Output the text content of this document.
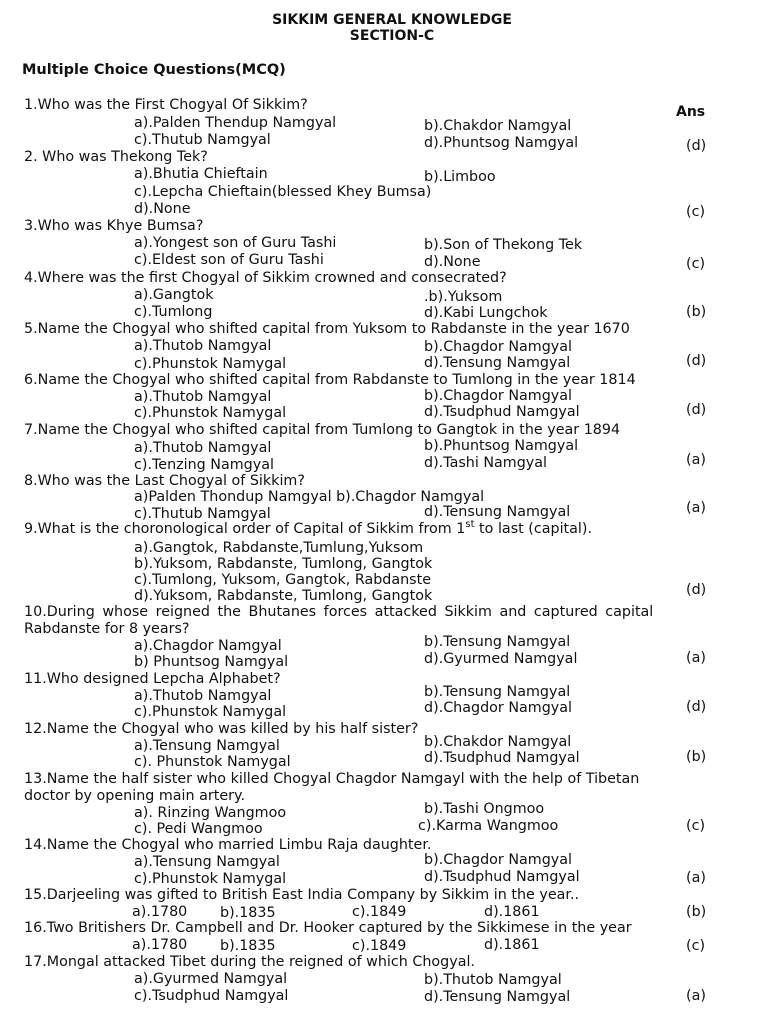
SIKKIM GENERAL KNOWLEDGE
SECTION-C
Multiple Choice Questions(MCQ)
Ans
1.Who was the First Chogyal Of Sikkim?
a).Palden Thendup Namgyal	b).Chakdor Namgyal
c).Thutub Namgyal	d).Phuntsog Namgyal	(d)
2. Who was Thekong Tek?
a).Bhutia Chieftain	b).Limboo
c).Lepcha Chieftain(blessed Khey Bumsa)
d).None	(c)
3.Who was Khye Bumsa?
a).Yongest son of Guru Tashi	b).Son of Thekong Tek
c).Eldest son of Guru Tashi	d).None	(c)
4.Where was the first Chogyal of Sikkim crowned and consecrated?
a).Gangtok	.b).Yuksom
c).Tumlong	d).Kabi Lungchok	(b)
5.Name the Chogyal who shifted capital from Yuksom to Rabdanste in the year 1670
a).Thutob Namgyal	b).Chagdor Namgyal
c).Phunstok Namygal	d).Tensung Namgyal	(d)
6.Name the Chogyal who shifted capital from Rabdanste to Tumlong in the year 1814
a).Thutob Namgyal	b).Chagdor Namgyal
c).Phunstok Namygal	d).Tsudphud Namgyal	(d)
7.Name the Chogyal who shifted capital from Tumlong to Gangtok in the year 1894
a).Thutob Namgyal	b).Phuntsog Namgyal
c).Tenzing Namgyal	d).Tashi Namgyal	(a)
8.Who was the Last Chogyal of Sikkim?
a)Palden Thondup Namgyal b).Chagdor Namgyal
c).Thutub Namgyal	d).Tensung Namgyal	(a)
9.What is the choronological order of Capital of Sikkim from 1st to last (capital).
a).Gangtok, Rabdanste,Tumlung,Yuksom
b).Yuksom, Rabdanste, Tumlong, Gangtok
c).Tumlong, Yuksom, Gangtok, Rabdanste
d).Yuksom, Rabdanste, Tumlong, Gangtok	(d)
10.During whose reigned the Bhutanes forces attacked Sikkim and captured capital
Rabdanste for 8 years?
a).Chagdor Namgyal	b).Tensung Namgyal
b) Phuntsog Namgyal	d).Gyurmed Namgyal	(a)
11.Who designed Lepcha Alphabet?
a).Thutob Namgyal	b).Tensung Namgyal
c).Phunstok Namygal	d).Chagdor Namgyal	(d)
12.Name the Chogyal who was killed by his half sister?
a).Tensung Namgyal	b).Chakdor Namgyal
c). Phunstok Namygal	d).Tsudphud Namgyal	(b)
13.Name the half sister who killed Chogyal Chagdor Namgayl with the help of Tibetan
doctor by opening main artery.
a). Rinzing Wangmoo	b).Tashi Ongmoo
c). Pedi Wangmoo	c).Karma Wangmoo	(c)
14.Name the Chogyal who married Limbu Raja daughter.
a).Tensung Namgyal	b).Chagdor Namgyal
c).Phunstok Namygal	d).Tsudphud Namgyal	(a)
15.Darjeeling was gifted to British East India Company by Sikkim in the year..
a).1780 b).1835	c).1849	d).1861	(b)
16.Two Britishers Dr. Campbell and Dr. Hooker captured by the Sikkimese in the year
a).1780 b).1835	c).1849	d).1861	(c)
17.Mongal attacked Tibet during the reigned of which Chogyal.
a).Gyurmed Namgyal	b).Thutob Namgyal
c).Tsudphud Namgyal	d).Tensung Namgyal	(a)
